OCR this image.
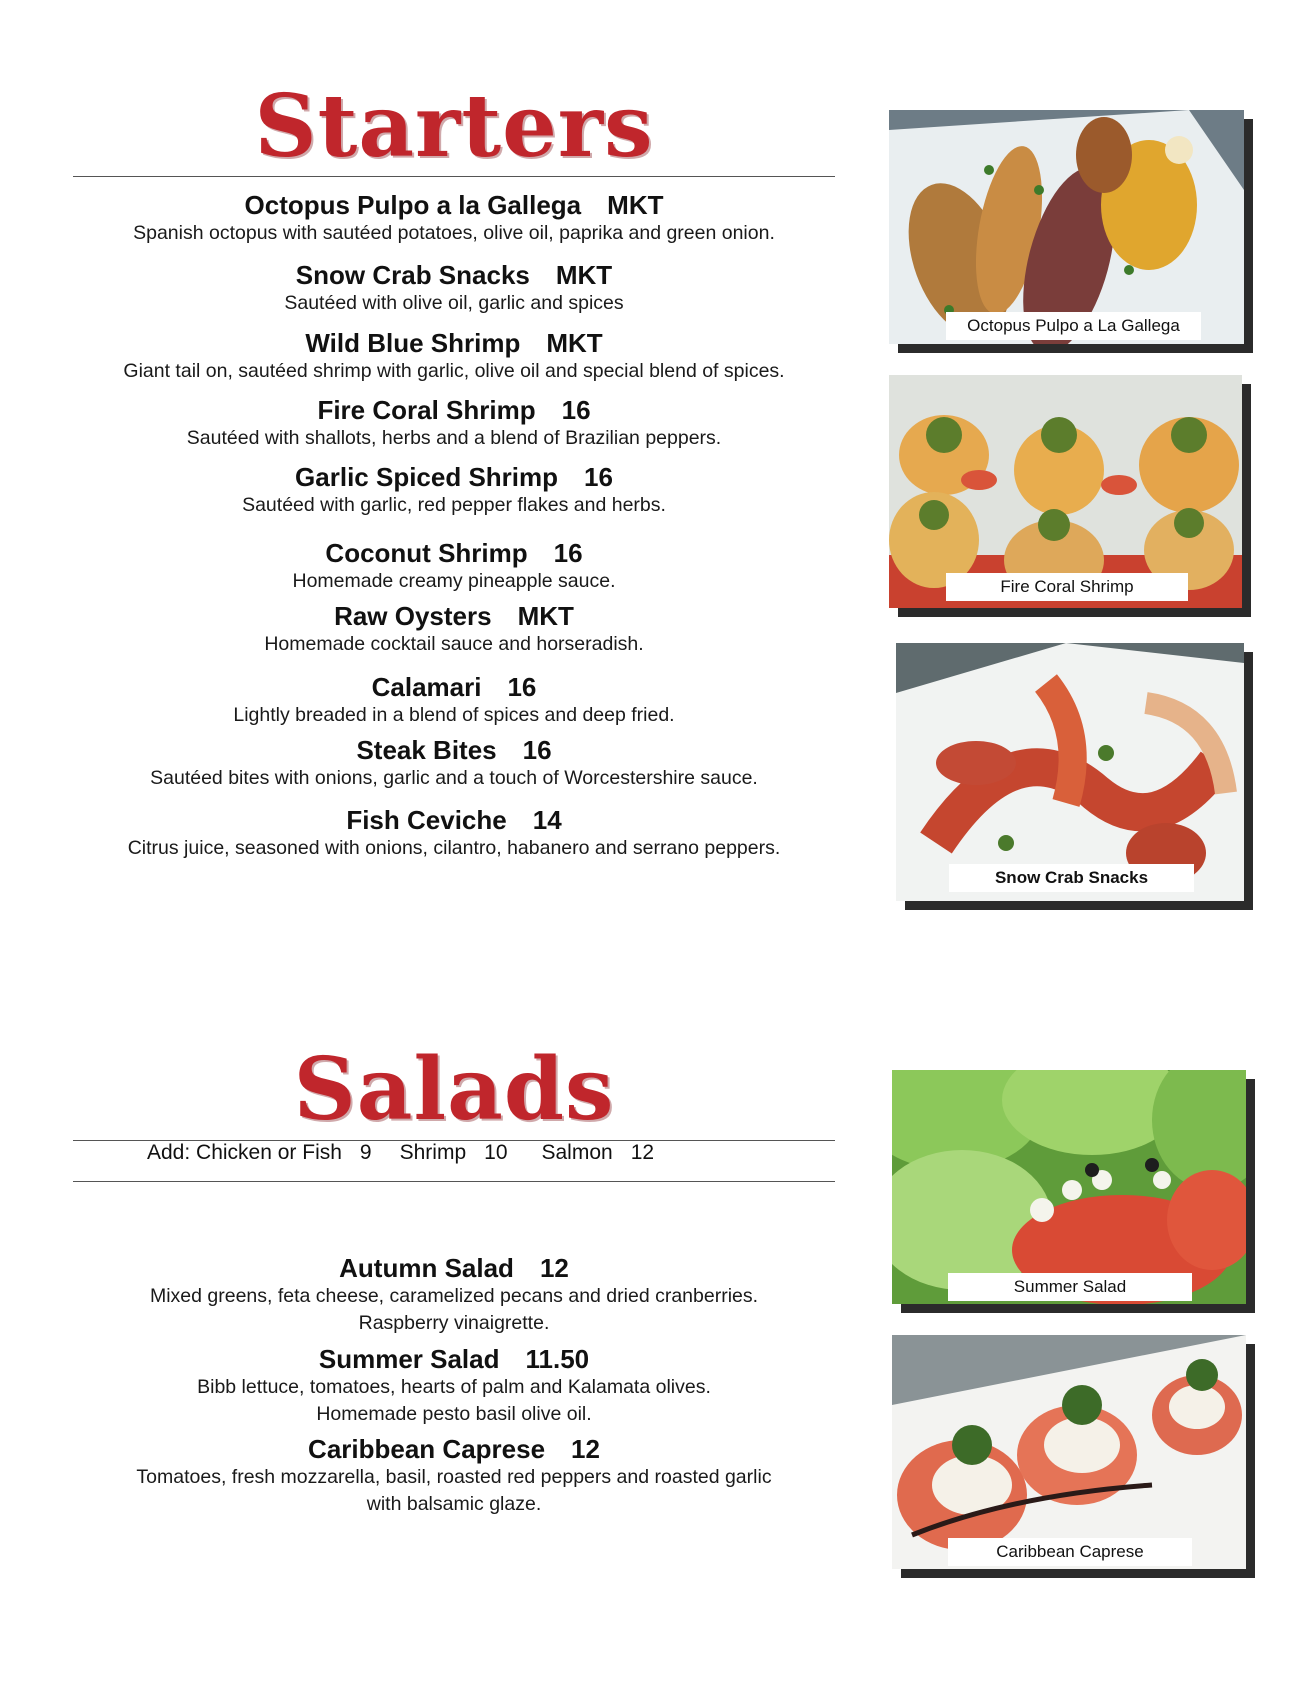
Starters
Octopus Pulpo a la Gallega MKT
Spanish octopus with sautéed potatoes, olive oil, paprika and green onion.
Snow Crab Snacks MKT
Sautéed with olive oil, garlic and spices
Wild Blue Shrimp MKT
Giant tail on, sautéed shrimp with garlic, olive oil and special blend of spices.
Fire Coral Shrimp 16
Sautéed with shallots, herbs and a blend of Brazilian peppers.
Garlic Spiced Shrimp 16
Sautéed with garlic, red pepper flakes and herbs.
Coconut Shrimp 16
Homemade creamy pineapple sauce.
Raw Oysters MKT
Homemade cocktail sauce and horseradish.
Calamari 16
Lightly breaded in a blend of spices and deep fried.
Steak Bites 16
Sautéed bites with onions, garlic and a touch of Worcestershire sauce.
Fish Ceviche 14
Citrus juice, seasoned with onions, cilantro, habanero and serrano peppers.
Octopus Pulpo a La Gallega
Fire Coral Shrimp
Snow Crab Snacks
Salads
Add: Chicken or Fish 9 Shrimp 10 Salmon 12
Autumn Salad 12
Mixed greens, feta cheese, caramelized pecans and dried cranberries.
Raspberry vinaigrette.
Summer Salad 11.50
Bibb lettuce, tomatoes, hearts of palm and Kalamata olives.
Homemade pesto basil olive oil.
Caribbean Caprese 12
Tomatoes, fresh mozzarella, basil, roasted red peppers and roasted garlic
with balsamic glaze.
Summer Salad
Caribbean Caprese
